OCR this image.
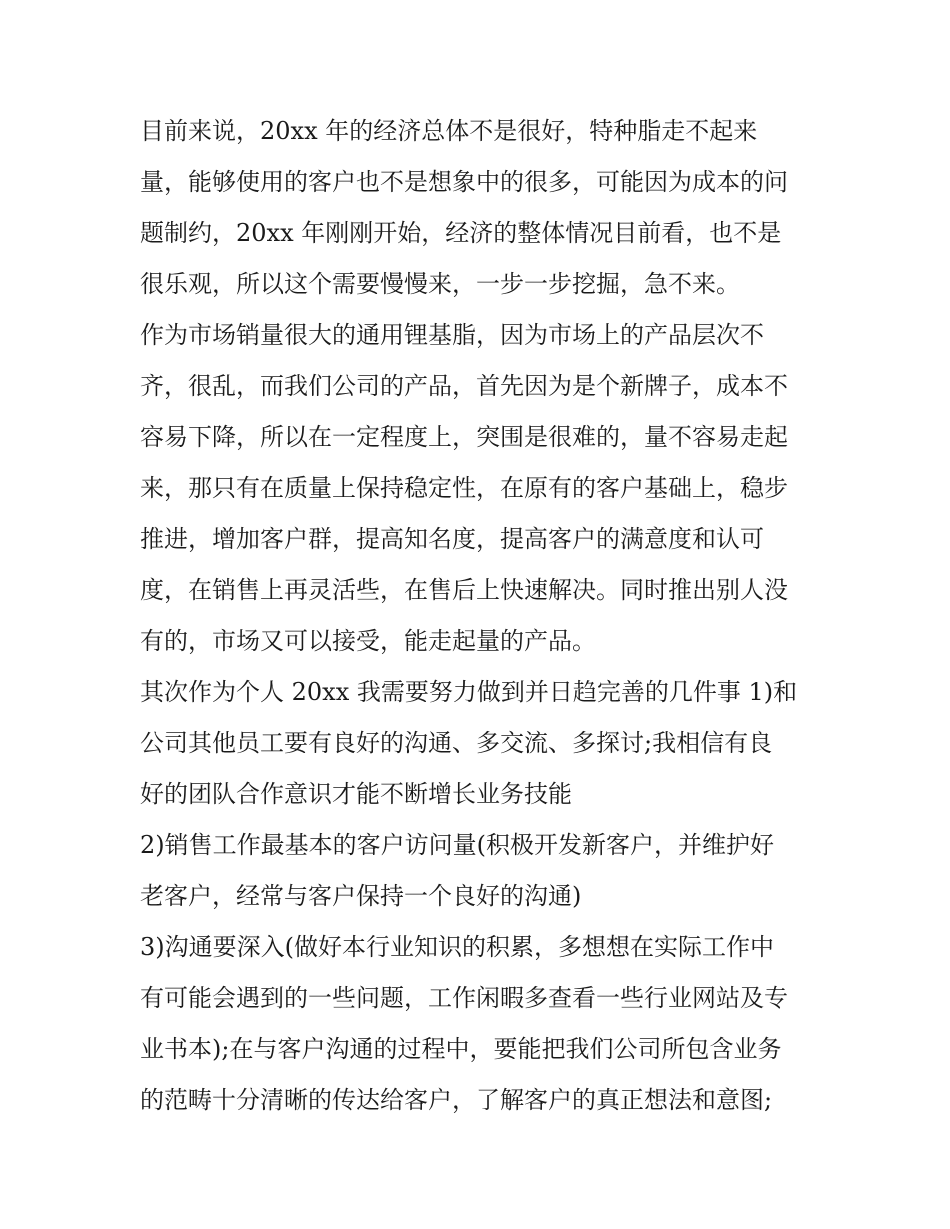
目前来说，20xx 年的经济总体不是很好，特种脂走不起来
量，能够使用的客户也不是想象中的很多，可能因为成本的问
题制约，20xx 年刚刚开始，经济的整体情况目前看，也不是
很乐观，所以这个需要慢慢来，一步一步挖掘，急不来。
作为市场销量很大的通用锂基脂，因为市场上的产品层次不
齐，很乱，而我们公司的产品，首先因为是个新牌子，成本不
容易下降，所以在一定程度上，突围是很难的，量不容易走起
来，那只有在质量上保持稳定性，在原有的客户基础上，稳步
推进，增加客户群，提高知名度，提高客户的满意度和认可
度，在销售上再灵活些，在售后上快速解决。同时推出别人没
有的，市场又可以接受，能走起量的产品。
其次作为个人 20xx 我需要努力做到并日趋完善的几件事 1)和
公司其他员工要有良好的沟通、多交流、多探讨;我相信有良
好的团队合作意识才能不断增长业务技能
2)销售工作最基本的客户访问量(积极开发新客户，并维护好
老客户，经常与客户保持一个良好的沟通)
3)沟通要深入(做好本行业知识的积累，多想想在实际工作中
有可能会遇到的一些问题，工作闲暇多查看一些行业网站及专
业书本);在与客户沟通的过程中，要能把我们公司所包含业务
的范畴十分清晰的传达给客户，了解客户的真正想法和意图;
